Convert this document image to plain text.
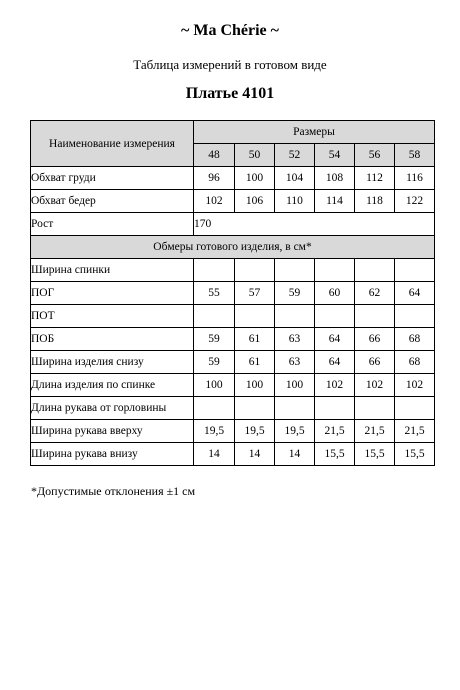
~ Ma Chérie ~
Таблица измерений в готовом виде
Платье 4101
Наименование измерения	Размеры					
	48	50	52	54	56	58
Обхват груди	96	100	104	108	112	116
Обхват бедер	102	106	110	114	118	122
Рост	170					
Обмеры готового изделия, в см*						
Ширина спинки						
ПОГ	55	57	59	60	62	64
ПОТ						
ПОБ	59	61	63	64	66	68
Ширина изделия снизу	59	61	63	64	66	68
Длина изделия по спинке	100	100	100	102	102	102
Длина рукава от горловины						
Ширина рукава вверху	19,5	19,5	19,5	21,5	21,5	21,5
Ширина рукава внизу	14	14	14	15,5	15,5	15,5
*Допустимые отклонения ±1 см
